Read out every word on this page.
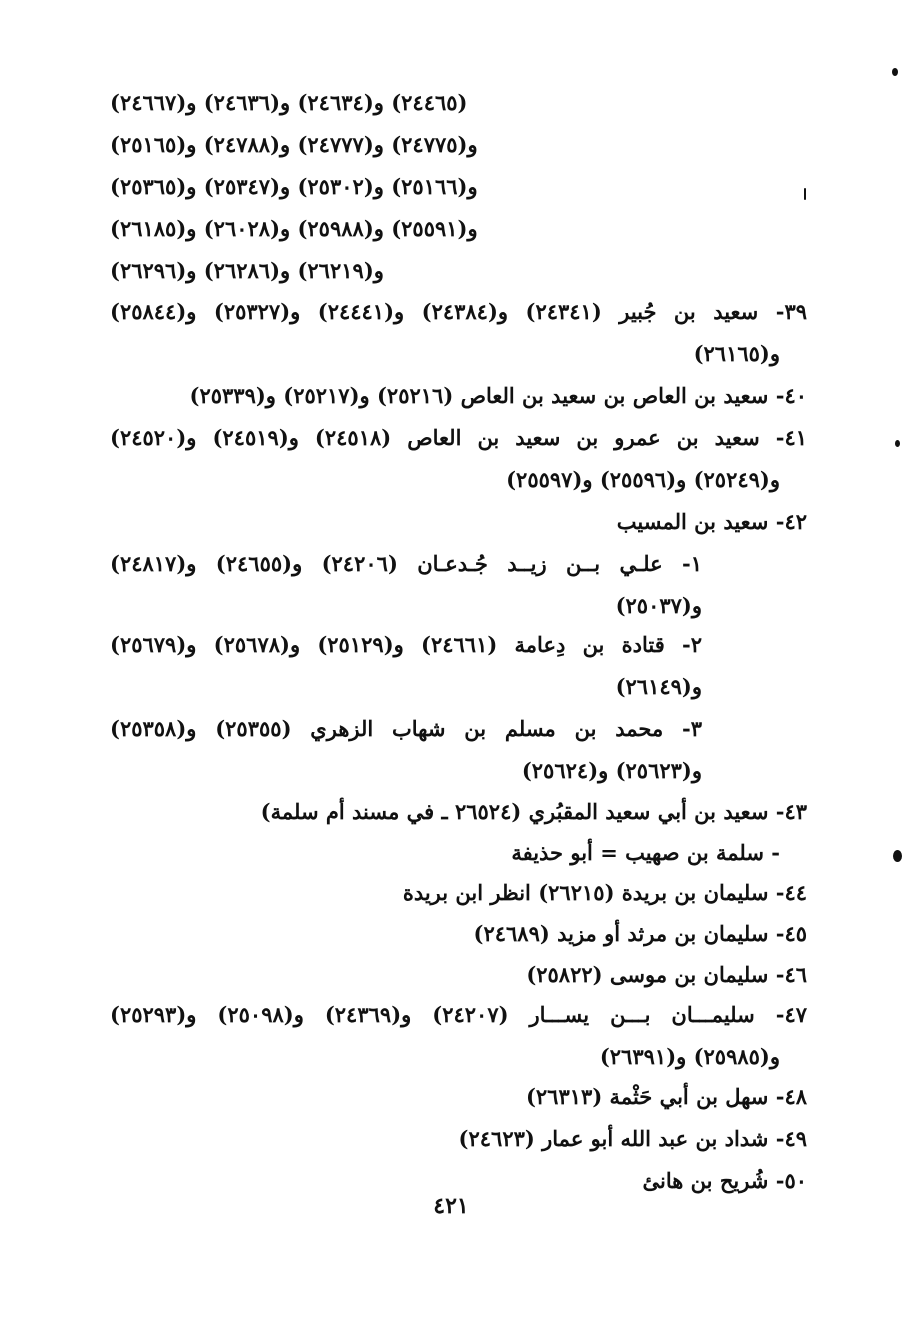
(٢٤٤٦٥) و(٢٤٦٣٤) و(٢٤٦٣٦) و(٢٤٦٦٧)
و(٢٤٧٧٥) و(٢٤٧٧٧) و(٢٤٧٨٨) و(٢٥١٦٥)
و(٢٥١٦٦) و(٢٥٣٠٢) و(٢٥٣٤٧) و(٢٥٣٦٥)
و(٢٥٥٩١) و(٢٥٩٨٨) و(٢٦٠٢٨) و(٢٦١٨٥)
و(٢٦٢١٩) و(٢٦٢٨٦) و(٢٦٢٩٦)
٣٩- سعيد بن جُبير (٢٤٣٤١) و(٢٤٣٨٤) و(٢٤٤٤١) و(٢٥٣٢٧) و(٢٥٨٤٤)
و(٢٦١٦٥)
٤٠- سعيد بن العاص بن سعيد بن العاص (٢٥٢١٦) و(٢٥٢١٧) و(٢٥٣٣٩)
٤١- سعيد بن عمرو بن سعيد بن العاص (٢٤٥١٨) و(٢٤٥١٩) و(٢٤٥٢٠)
و(٢٥٢٤٩) و(٢٥٥٩٦) و(٢٥٥٩٧)
٤٢- سعيد بن المسيب
١- علـي بــن زيــد جُـدعـان (٢٤٢٠٦) و(٢٤٦٥٥) و(٢٤٨١٧)
و(٢٥٠٣٧)
٢- قتادة بن دِعامة (٢٤٦٦١) و(٢٥١٢٩) و(٢٥٦٧٨) و(٢٥٦٧٩)
و(٢٦١٤٩)
٣- محمد بن مسلم بن شهاب الزهري (٢٥٣٥٥) و(٢٥٣٥٨)
و(٢٥٦٢٣) و(٢٥٦٢٤)
٤٣- سعيد بن أبي سعيد المقبُري (٢٦٥٢٤ ـ في مسند أم سلمة)
- سلمة بن صهيب = أبو حذيفة
٤٤- سليمان بن بريدة (٢٦٢١٥) انظر ابن بريدة
٤٥- سليمان بن مرثد أو مزيد (٢٤٦٨٩)
٤٦- سليمان بن موسى (٢٥٨٢٢)
٤٧- سليمـــان بـــن يســـار (٢٤٢٠٧) و(٢٤٣٦٩) و(٢٥٠٩٨) و(٢٥٢٩٣)
و(٢٥٩٨٥) و(٢٦٣٩١)
٤٨- سهل بن أبي حَثْمة (٢٦٣١٣)
٤٩- شداد بن عبد الله أبو عمار (٢٤٦٢٣)
٥٠- شُريح بن هانئ
٤٢١
